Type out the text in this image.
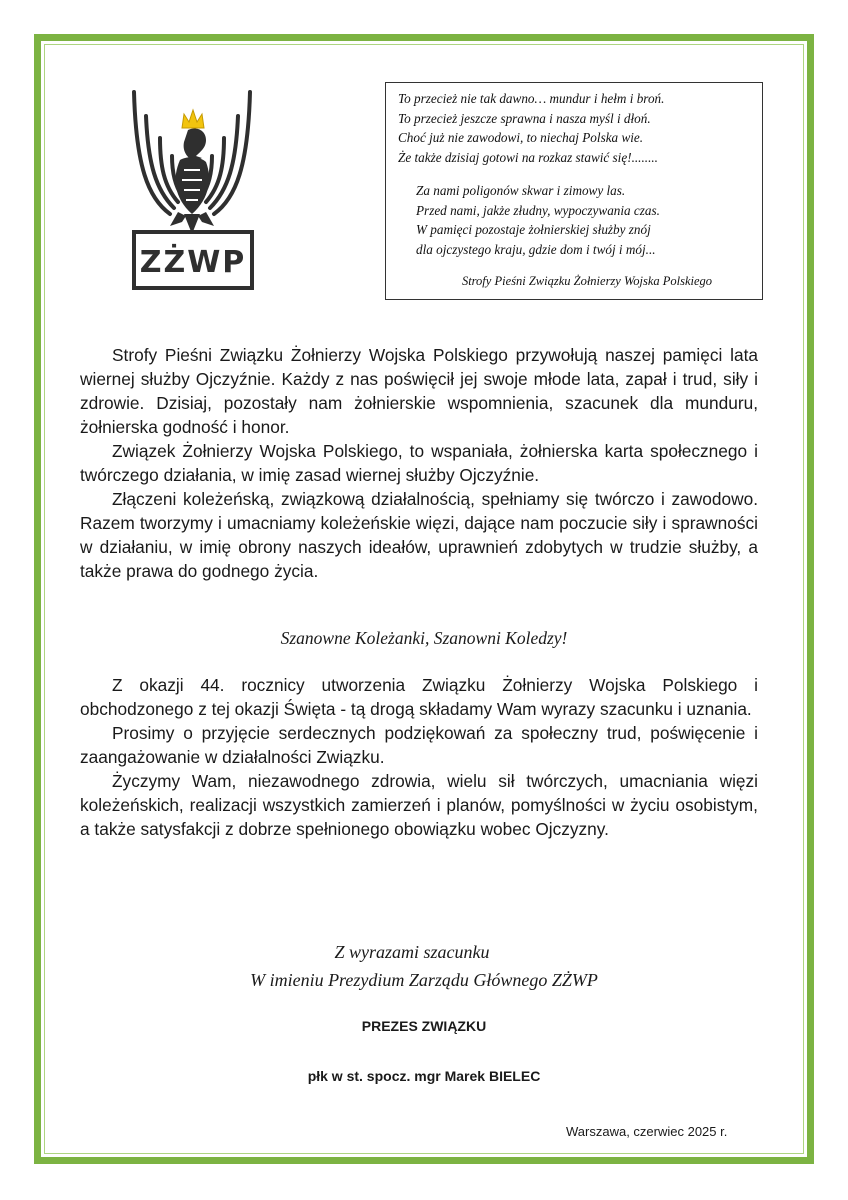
ZŻWP
To przecież nie tak dawno… mundur i hełm i broń.
To przecież jeszcze sprawna i nasza myśl i dłoń.
Choć już nie zawodowi, to niechaj Polska wie.
Że także dzisiaj gotowi na rozkaz stawić się!........
Za nami poligonów skwar i zimowy las.
Przed nami, jakże złudny, wypoczywania czas.
W pamięci pozostaje żołnierskiej służby znój
dla ojczystego kraju, gdzie dom i twój i mój...
Strofy Pieśni Związku Żołnierzy Wojska Polskiego

Strofy Pieśni Związku Żołnierzy Wojska Polskiego przywołują naszej pamięci lata wiernej służby Ojczyźnie. Każdy z nas poświęcił jej swoje młode lata, zapał i trud, siły i zdrowie. Dzisiaj, pozostały nam żołnierskie wspomnienia, szacunek dla munduru, żołnierska godność i honor.

Związek Żołnierzy Wojska Polskiego, to wspaniała, żołnierska karta społecznego i twórczego działania, w imię zasad wiernej służby Ojczyźnie.

Złączeni koleżeńską, związkową działalnością, spełniamy się twórczo i zawodowo. Razem tworzymy i umacniamy koleżeńskie więzi, dające nam poczucie siły i sprawności w działaniu, w imię obrony naszych ideałów, uprawnień zdobytych w trudzie służby, a także prawa do godnego życia.

Szanowne Koleżanki, Szanowni Koledzy!

Z okazji 44. rocznicy utworzenia Związku Żołnierzy Wojska Polskiego i obchodzonego z tej okazji Święta - tą drogą składamy Wam wyrazy szacunku i uznania.

Prosimy o przyjęcie serdecznych podziękowań za społeczny trud, poświęcenie i zaangażowanie w działalności Związku.

Życzymy Wam, niezawodnego zdrowia, wielu sił twórczych, umacniania więzi koleżeńskich, realizacji wszystkich zamierzeń i planów, pomyślności w życiu osobistym, a także satysfakcji z dobrze spełnionego obowiązku wobec Ojczyzny.

Z wyrazami szacunku
W imieniu Prezydium Zarządu Głównego ZŻWP
PREZES ZWIĄZKU
płk w st. spocz. mgr Marek BIELEC
Warszawa, czerwiec 2025 r.
